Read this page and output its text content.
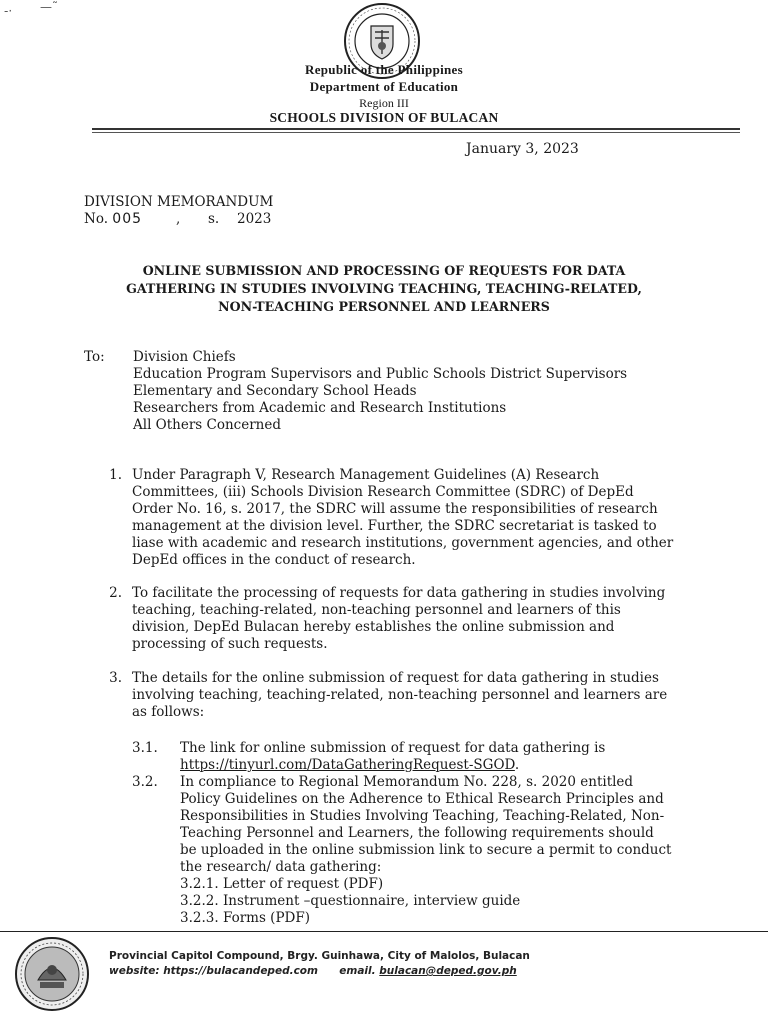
-· —˜
Republic of the Philippines
Department of Education
Region III
SCHOOLS DIVISION OF BULACAN
January 3, 2023
DIVISION MEMORANDUM
No. 005	, s. 2023
ONLINE SUBMISSION AND PROCESSING OF REQUESTS FOR DATA
GATHERING IN STUDIES INVOLVING TEACHING, TEACHING-RELATED,
NON-TEACHING PERSONNEL AND LEARNERS
To: Division Chiefs
Education Program Supervisors and Public Schools District Supervisors
Elementary and Secondary School Heads
Researchers from Academic and Research Institutions
All Others Concerned
1. Under Paragraph V, Research Management Guidelines (A) Research
Committees, (iii) Schools Division Research Committee (SDRC) of DepEd
Order No. 16, s. 2017, the SDRC will assume the responsibilities of research
management at the division level. Further, the SDRC secretariat is tasked to
liase with academic and research institutions, government agencies, and other
DepEd offices in the conduct of research.
2. To facilitate the processing of requests for data gathering in studies involving
teaching, teaching-related, non-teaching personnel and learners of this
division, DepEd Bulacan hereby establishes the online submission and
processing of such requests.
3. The details for the online submission of request for data gathering in studies
involving teaching, teaching-related, non-teaching personnel and learners are
as follows:
3.1.	The link for online submission of request for data gathering is
https://tinyurl.com/DataGatheringRequest-SGOD.
3.2.	In compliance to Regional Memorandum No. 228, s. 2020 entitled
Policy Guidelines on the Adherence to Ethical Research Principles and
Responsibilities in Studies Involving Teaching, Teaching-Related, Non-
Teaching Personnel and Learners, the following requirements should
be uploaded in the online submission link to secure a permit to conduct
the research/ data gathering:
3.2.1. Letter of request (PDF)
3.2.2. Instrument –questionnaire, interview guide
3.2.3. Forms (PDF)
Provincial Capitol Compound, Brgy. Guinhawa, City of Malolos, Bulacan
website: https://bulacandeped.com email. bulacan@deped.gov.ph
